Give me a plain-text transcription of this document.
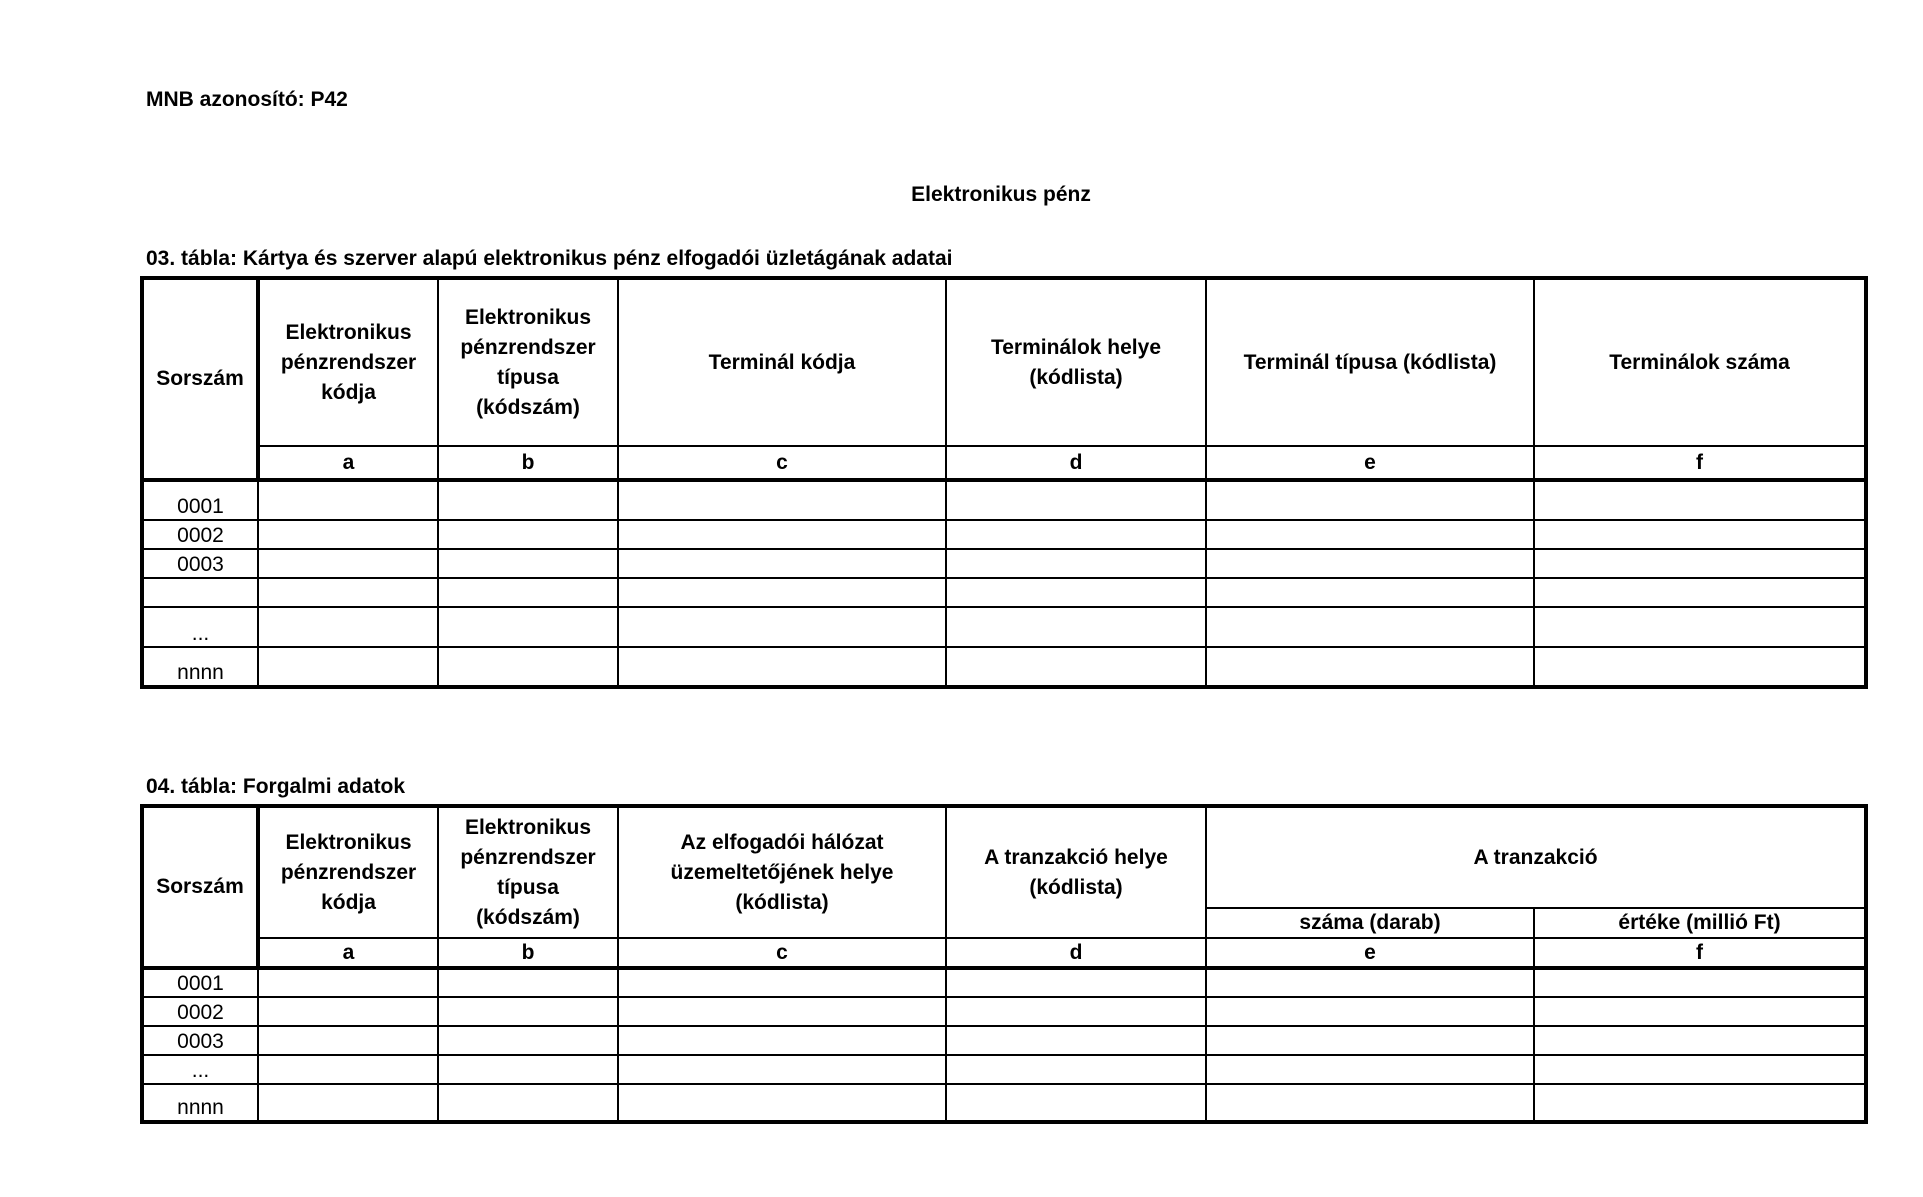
MNB azonosító: P42
Elektronikus pénz
03. tábla: Kártya és szerver alapú elektronikus pénz elfogadói üzletágának adatai
Sorszám	Elektronikus pénzrendszer kódja	Elektronikus pénzrendszer típusa (kódszám)	Terminál kódja	Terminálok helye (kódlista)	Terminál típusa (kódlista)	Terminálok száma
	a	b	c	d	e	f
0001						
0002						
0003						

...						
nnnn						
04. tábla: Forgalmi adatok
Sorszám	Elektronikus pénzrendszer kódja	Elektronikus pénzrendszer típusa (kódszám)	Az elfogadói hálózat üzemeltetőjének helye (kódlista)	A tranzakció helye (kódlista)	A tranzakció	
					száma (darab)	értéke (millió Ft)
	a	b	c	d	e	f
0001						
0002						
0003						
...						
nnnn						
